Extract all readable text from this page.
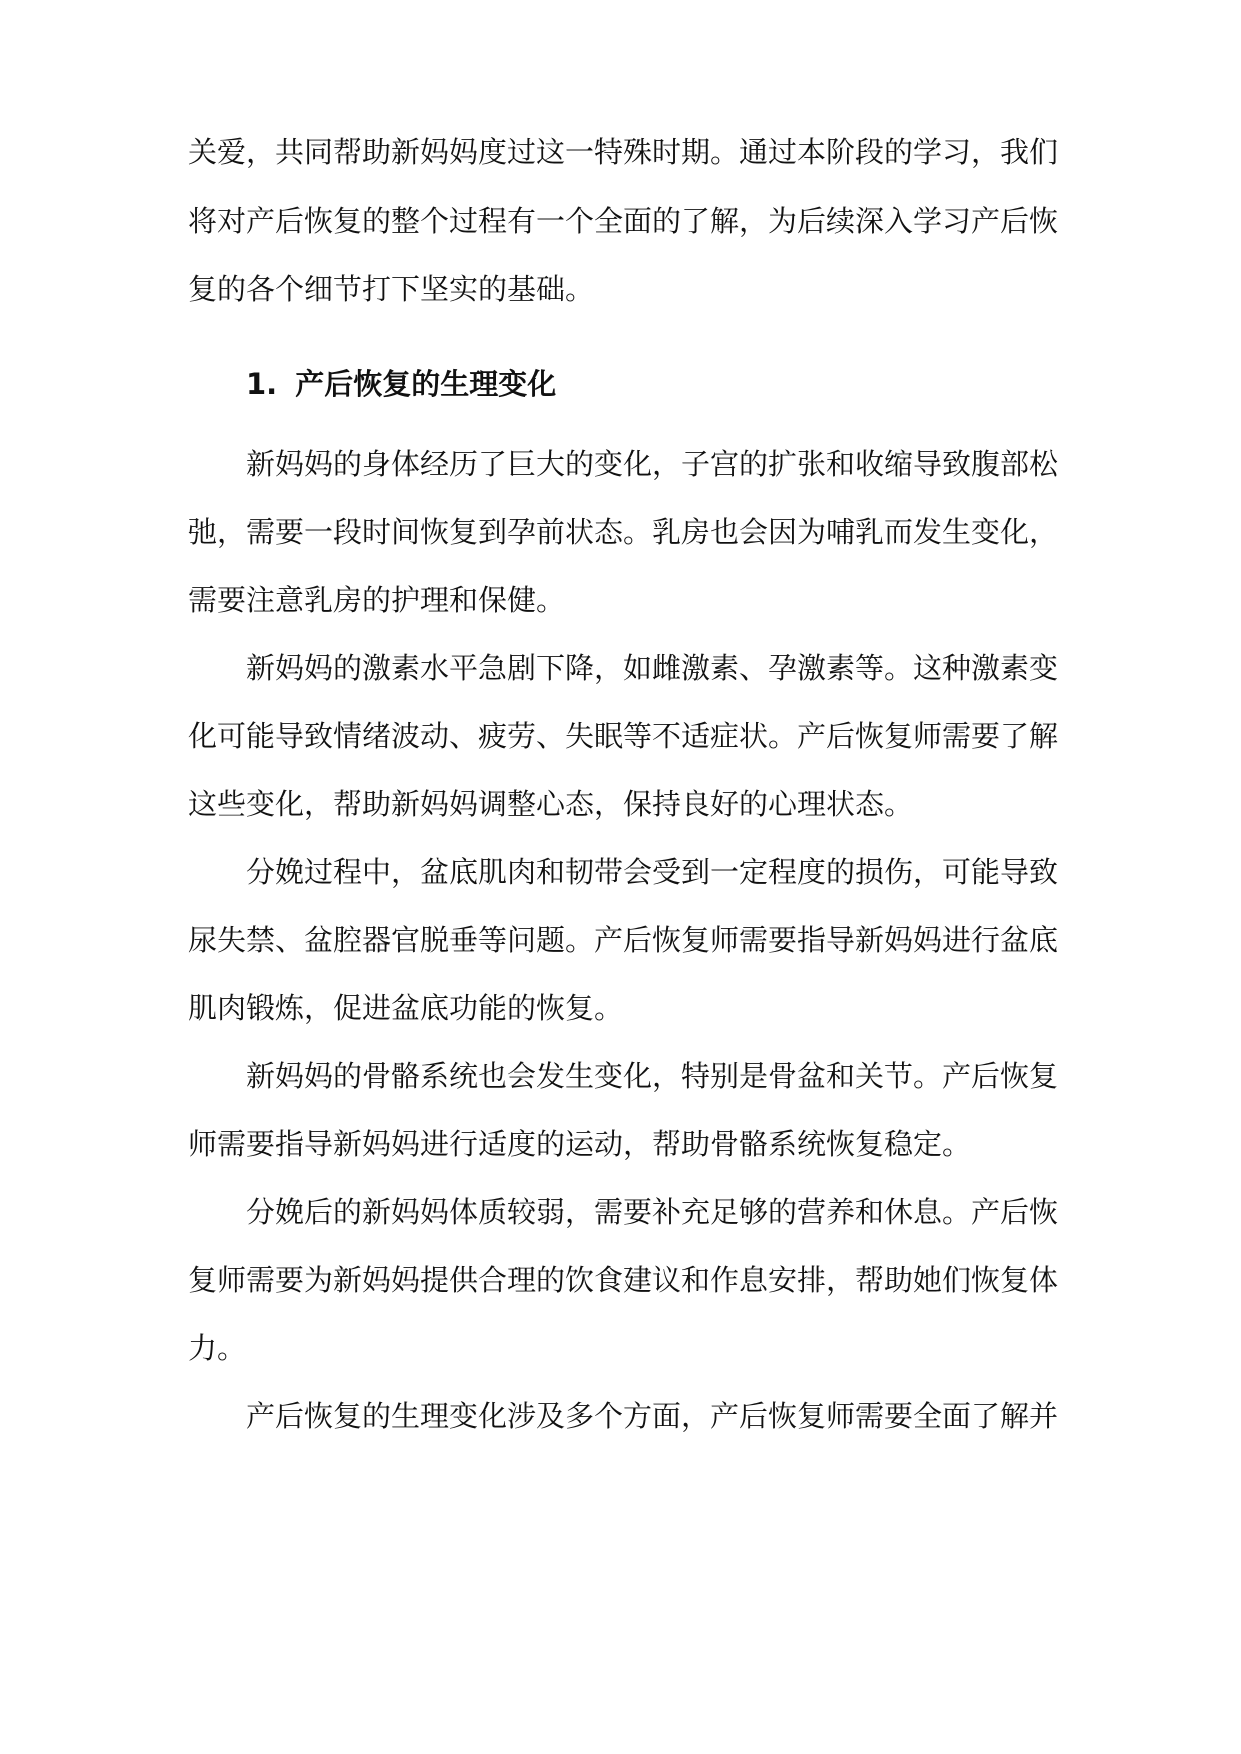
关爱，共同帮助新妈妈度过这一特殊时期。通过本阶段的学习，我们
将对产后恢复的整个过程有一个全面的了解，为后续深入学习产后恢
复的各个细节打下坚实的基础。
1. 产后恢复的生理变化
新妈妈的身体经历了巨大的变化，子宫的扩张和收缩导致腹部松
弛，需要一段时间恢复到孕前状态。乳房也会因为哺乳而发生变化，
需要注意乳房的护理和保健。
新妈妈的激素水平急剧下降，如雌激素、孕激素等。这种激素变
化可能导致情绪波动、疲劳、失眠等不适症状。产后恢复师需要了解
这些变化，帮助新妈妈调整心态，保持良好的心理状态。
分娩过程中，盆底肌肉和韧带会受到一定程度的损伤，可能导致
尿失禁、盆腔器官脱垂等问题。产后恢复师需要指导新妈妈进行盆底
肌肉锻炼，促进盆底功能的恢复。
新妈妈的骨骼系统也会发生变化，特别是骨盆和关节。产后恢复
师需要指导新妈妈进行适度的运动，帮助骨骼系统恢复稳定。
分娩后的新妈妈体质较弱，需要补充足够的营养和休息。产后恢
复师需要为新妈妈提供合理的饮食建议和作息安排，帮助她们恢复体
力。
产后恢复的生理变化涉及多个方面，产后恢复师需要全面了解并
